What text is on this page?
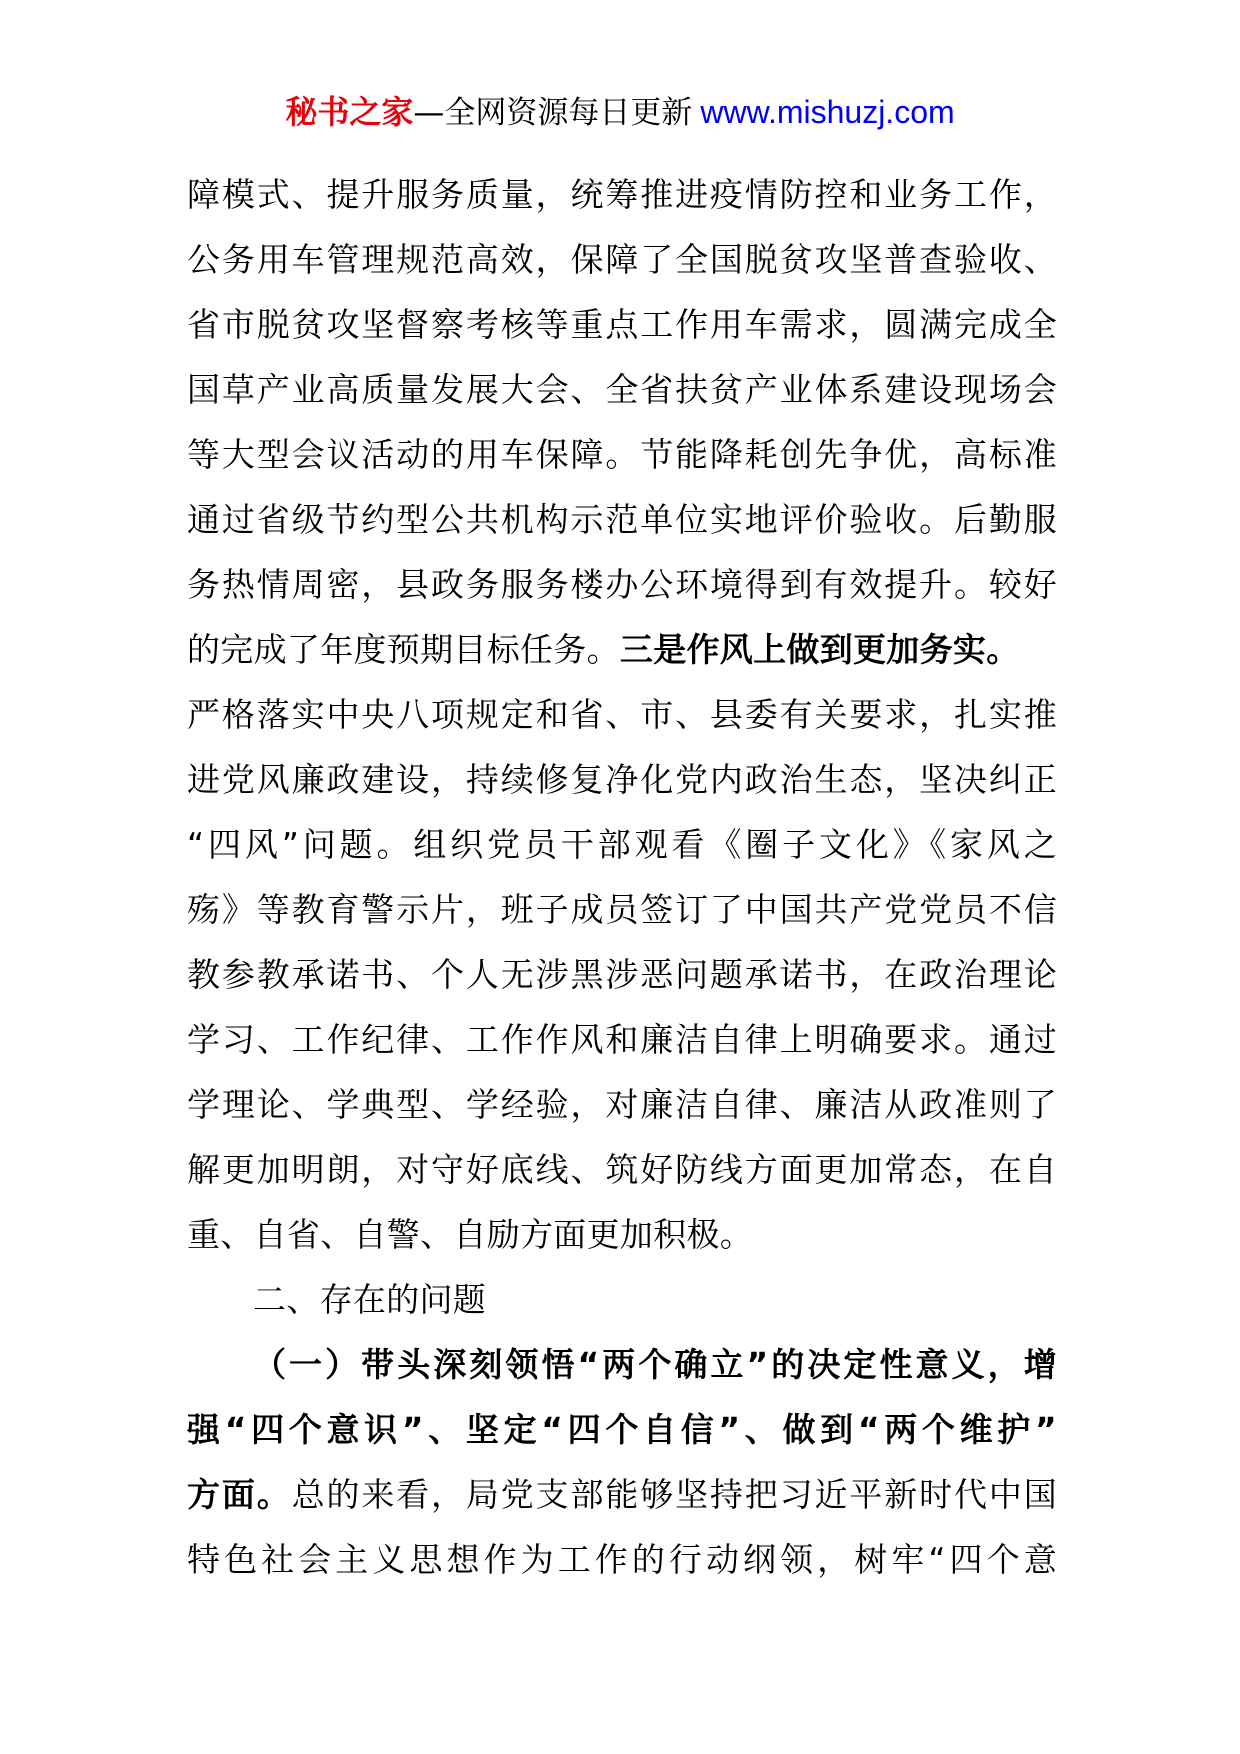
秘书之家—全网资源每日更新 www.mishuzj.com
障模式、提升服务质量，统筹推进疫情防控和业务工作，
公务用车管理规范高效，保障了全国脱贫攻坚普查验收、
省市脱贫攻坚督察考核等重点工作用车需求，圆满完成全
国草产业高质量发展大会、全省扶贫产业体系建设现场会
等大型会议活动的用车保障。节能降耗创先争优，高标准
通过省级节约型公共机构示范单位实地评价验收。后勤服
务热情周密，县政务服务楼办公环境得到有效提升。较好
的完成了年度预期目标任务。三是作风上做到更加务实。
严格落实中央八项规定和省、市、县委有关要求，扎实推
进党风廉政建设，持续修复净化党内政治生态，坚决纠正
“四风”问题。组织党员干部观看《圈子文化》《家风之
殇》等教育警示片，班子成员签订了中国共产党党员不信
教参教承诺书、个人无涉黑涉恶问题承诺书，在政治理论
学习、工作纪律、工作作风和廉洁自律上明确要求。通过
学理论、学典型、学经验，对廉洁自律、廉洁从政准则了
解更加明朗，对守好底线、筑好防线方面更加常态，在自
重、自省、自警、自励方面更加积极。
二、存在的问题
（一）带头深刻领悟“两个确立”的决定性意义，增
强“四个意识”、坚定“四个自信”、做到“两个维护”
方面。总的来看，局党支部能够坚持把习近平新时代中国
特色社会主义思想作为工作的行动纲领，树牢“四个意
